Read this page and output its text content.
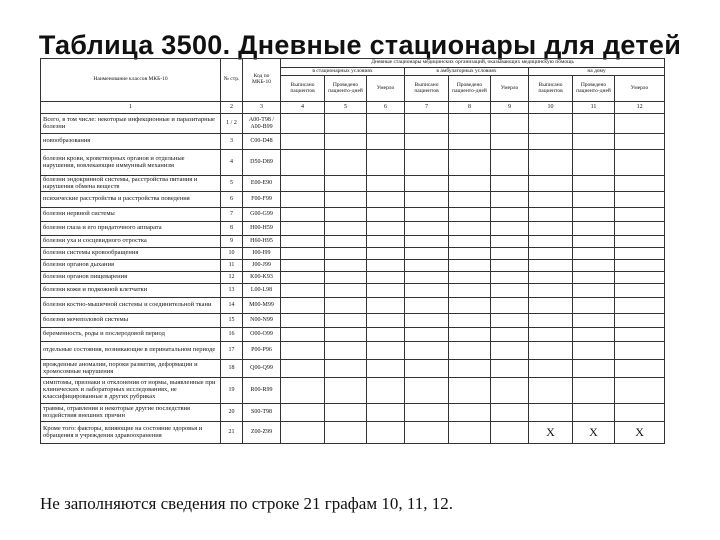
Таблица 3500. Дневные стационары для детей
Наименование классов МКБ-10	№ стр.	Код по МКБ-10	Дневные стационары медицинских организаций, оказывающих медицинскую помощь								
			в стационарных условиях			в амбулаторных условиях			на дому		
			Выписано пациентов	Проведено пациенто-дней	Умерло	Выписано пациентов	Проведено пациенто-дней	Умерло	Выписано пациентов	Проведено пациенто-дней	Умерло
1	2	3	4	5	6	7	8	9	10	11	12
Всего, в том числе: некоторые инфекционные и паразитарные болезни	1 / 2	A00-T98 / A00-B99									
новообразования	3	C00-D48									
болезни крови, кроветворных органов и отдельные нарушения, вовлекающие иммунный механизм	4	D50-D89									
болезни эндокринной системы, расстройства питания и нарушения обмена веществ	5	E00-E90									
психические расстройства и расстройства поведения	6	F00-F99									
болезни нервной системы	7	G00-G99									
болезни глаза и его придаточного аппарата	8	H00-H59									
болезни уха и сосцевидного отростка	9	H60-H95									
болезни системы кровообращения	10	I00-I99									
болезни органов дыхания	11	J00-J99									
болезни органов пищеварения	12	K00-K93									
болезни кожи и подкожной клетчатки	13	L00-L98									
болезни костно-мышечной системы и соединительной ткани	14	M00-M99									
болезни мочеполовой системы	15	N00-N99									
беременность, роды и послеродовой период	16	O00-O99									
отдельные состояния, возникающие в перинатальном периоде	17	P00-P96									
врожденные аномалии, пороки развития, деформации и хромосомные нарушения	18	Q00-Q99									
симптомы, признаки и отклонения от нормы, выявленные при клинических и лабораторных исследованиях, не классифицированные в других рубриках	19	R00-R99									
травмы, отравления и некоторые другие последствия воздействия внешних причин	20	S00-T98									
Кроме того: факторы, влияющие на состояние здоровья и обращения в учреждения здравоохранения	21	Z00-Z99							X	X	X
Не заполняются сведения по строке 21 графам 10, 11, 12.
